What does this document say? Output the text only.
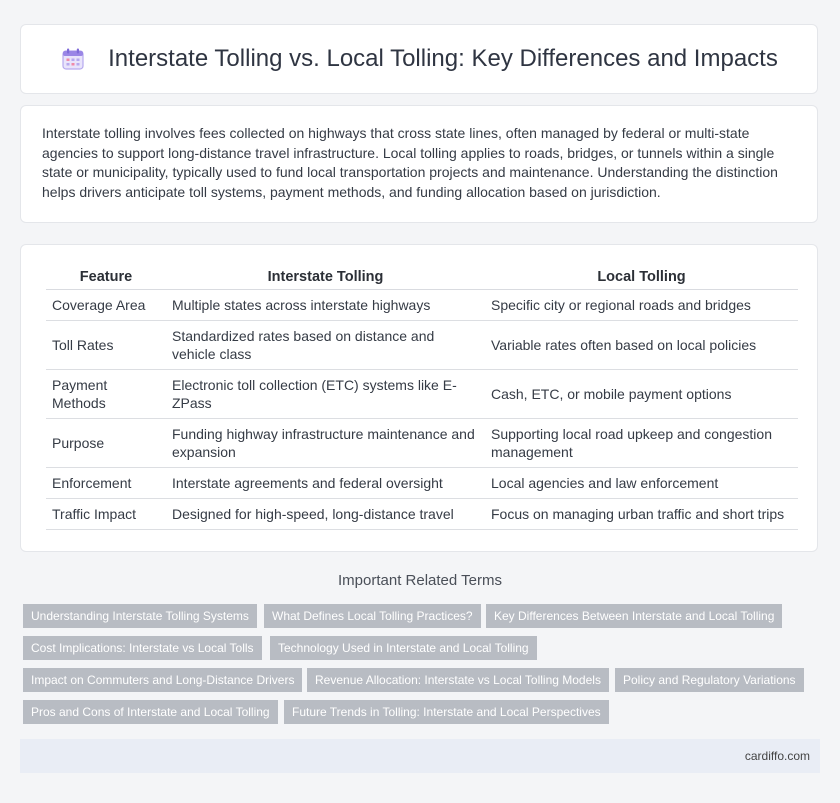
Interstate Tolling vs. Local Tolling: Key Differences and Impacts

Interstate tolling involves fees collected on highways that cross state lines, often managed by federal or multi-state agencies to support long-distance travel infrastructure. Local tolling applies to roads, bridges, or tunnels within a single state or municipality, typically used to fund local transportation projects and maintenance. Understanding the distinction helps drivers anticipate toll systems, payment methods, and funding allocation based on jurisdiction.

Feature	Interstate Tolling	Local Tolling
Coverage Area	Multiple states across interstate highways	Specific city or regional roads and bridges
Toll Rates	Standardized rates based on distance and vehicle class	Variable rates often based on local policies
Payment Methods	Electronic toll collection (ETC) systems like E-ZPass	Cash, ETC, or mobile payment options
Purpose	Funding highway infrastructure maintenance and expansion	Supporting local road upkeep and congestion management
Enforcement	Interstate agreements and federal oversight	Local agencies and law enforcement
Traffic Impact	Designed for high-speed, long-distance travel	Focus on managing urban traffic and short trips
Important Related Terms
Understanding Interstate Tolling Systems	What Defines Local Tolling Practices?	Key Differences Between Interstate and Local Tolling
Cost Implications: Interstate vs Local Tolls	Technology Used in Interstate and Local Tolling
Impact on Commuters and Long-Distance Drivers	Revenue Allocation: Interstate vs Local Tolling Models	Policy and Regulatory Variations
Pros and Cons of Interstate and Local Tolling	Future Trends in Tolling: Interstate and Local Perspectives
cardiffo.com
